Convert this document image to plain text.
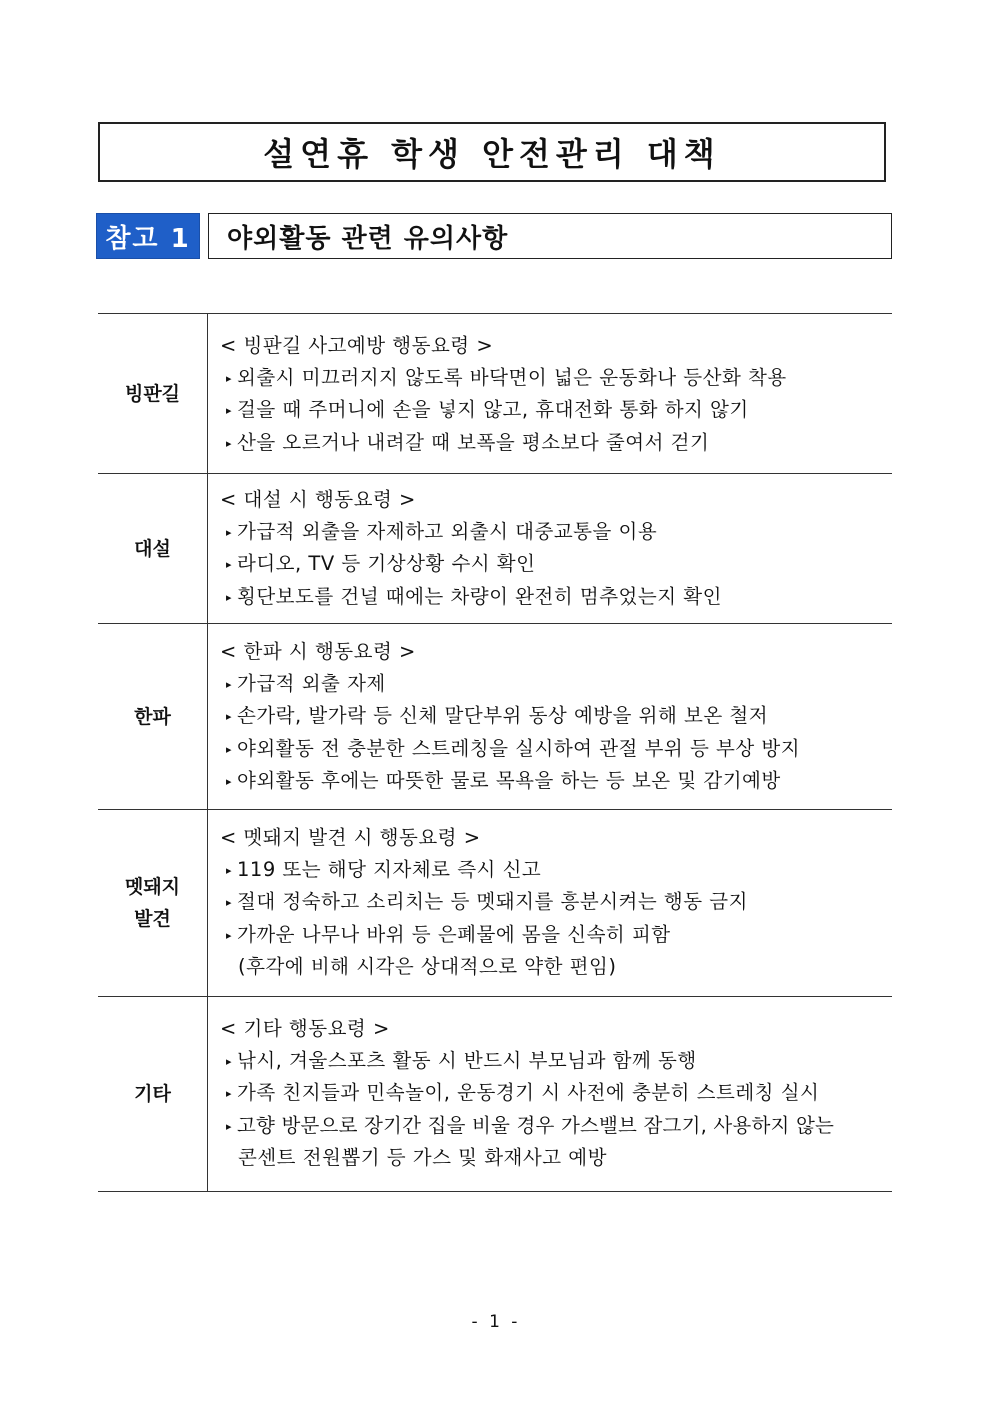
설연휴 학생 안전관리 대책
참고 1	야외활동 관련 유의사항
빙판길
< 빙판길 사고예방 행동요령 >
▸ 외출시 미끄러지지 않도록 바닥면이 넓은 운동화나 등산화 착용
▸ 걸을 때 주머니에 손을 넣지 않고, 휴대전화 통화 하지 않기
▸ 산을 오르거나 내려갈 때 보폭을 평소보다 줄여서 걷기
대설
< 대설 시 행동요령 >
▸ 가급적 외출을 자제하고 외출시 대중교통을 이용
▸ 라디오, TV 등 기상상황 수시 확인
▸ 횡단보도를 건널 때에는 차량이 완전히 멈추었는지 확인
한파
< 한파 시 행동요령 >
▸ 가급적 외출 자제
▸ 손가락, 발가락 등 신체 말단부위 동상 예방을 위해 보온 철저
▸ 야외활동 전 충분한 스트레칭을 실시하여 관절 부위 등 부상 방지
▸ 야외활동 후에는 따뜻한 물로 목욕을 하는 등 보온 및 감기예방
멧돼지
발견
< 멧돼지 발견 시 행동요령 >
▸ 119 또는 해당 지자체로 즉시 신고
▸ 절대 정숙하고 소리치는 등 멧돼지를 흥분시켜는 행동 금지
▸ 가까운 나무나 바위 등 은폐물에 몸을 신속히 피함
(후각에 비해 시각은 상대적으로 약한 편임)
기타
< 기타 행동요령 >
▸ 낚시, 겨울스포츠 활동 시 반드시 부모님과 함께 동행
▸ 가족 친지들과 민속놀이, 운동경기 시 사전에 충분히 스트레칭 실시
▸ 고향 방문으로 장기간 집을 비울 경우 가스밸브 잠그기, 사용하지 않는
콘센트 전원뽑기 등 가스 및 화재사고 예방
- 1 -
